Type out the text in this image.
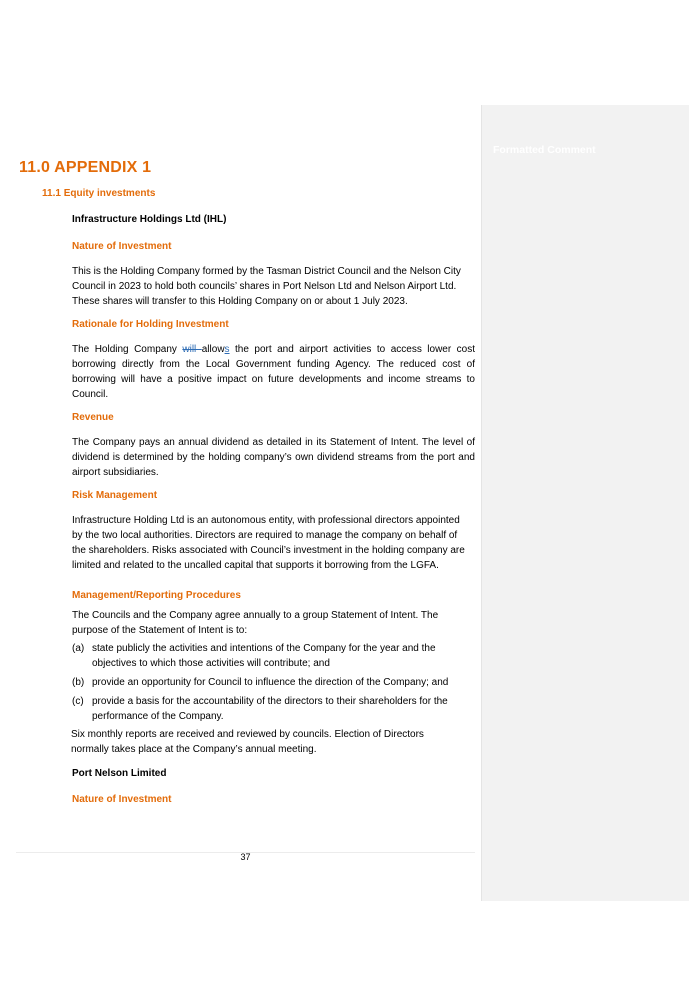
Formatted Comment
11.0 APPENDIX 1
11.1 Equity investments
Infrastructure Holdings Ltd (IHL)
Nature of Investment

This is the Holding Company formed by the Tasman District Council and the Nelson City Council in 2023 to hold both councils’ shares in Port Nelson Ltd and Nelson Airport Ltd. These shares will transfer to this Holding Company on or about 1 July 2023.

Rationale for Holding Investment

The Holding Company will allows the port and airport activities to access lower cost borrowing directly from the Local Government funding Agency. The reduced cost of borrowing will have a positive impact on future developments and income streams to Council.

Revenue

The Company pays an annual dividend as detailed in its Statement of Intent. The level of dividend is determined by the holding company’s own dividend streams from the port and airport subsidiaries.

Risk Management

Infrastructure Holding Ltd is an autonomous entity, with professional directors appointed by the two local authorities. Directors are required to manage the company on behalf of the shareholders. Risks associated with Council’s investment in the holding company are limited and related to the uncalled capital that supports it borrowing from the LGFA.

Management/Reporting Procedures

The Councils and the Company agree annually to a group Statement of Intent. The purpose of the Statement of Intent is to:

(a) state publicly the activities and intentions of the Company for the year and the objectives to which those activities will contribute; and
(b) provide an opportunity for Council to influence the direction of the Company; and
(c) provide a basis for the accountability of the directors to their shareholders for the performance of the Company.

Six monthly reports are received and reviewed by councils. Election of Directors normally takes place at the Company’s annual meeting.

Port Nelson Limited
Nature of Investment
37
